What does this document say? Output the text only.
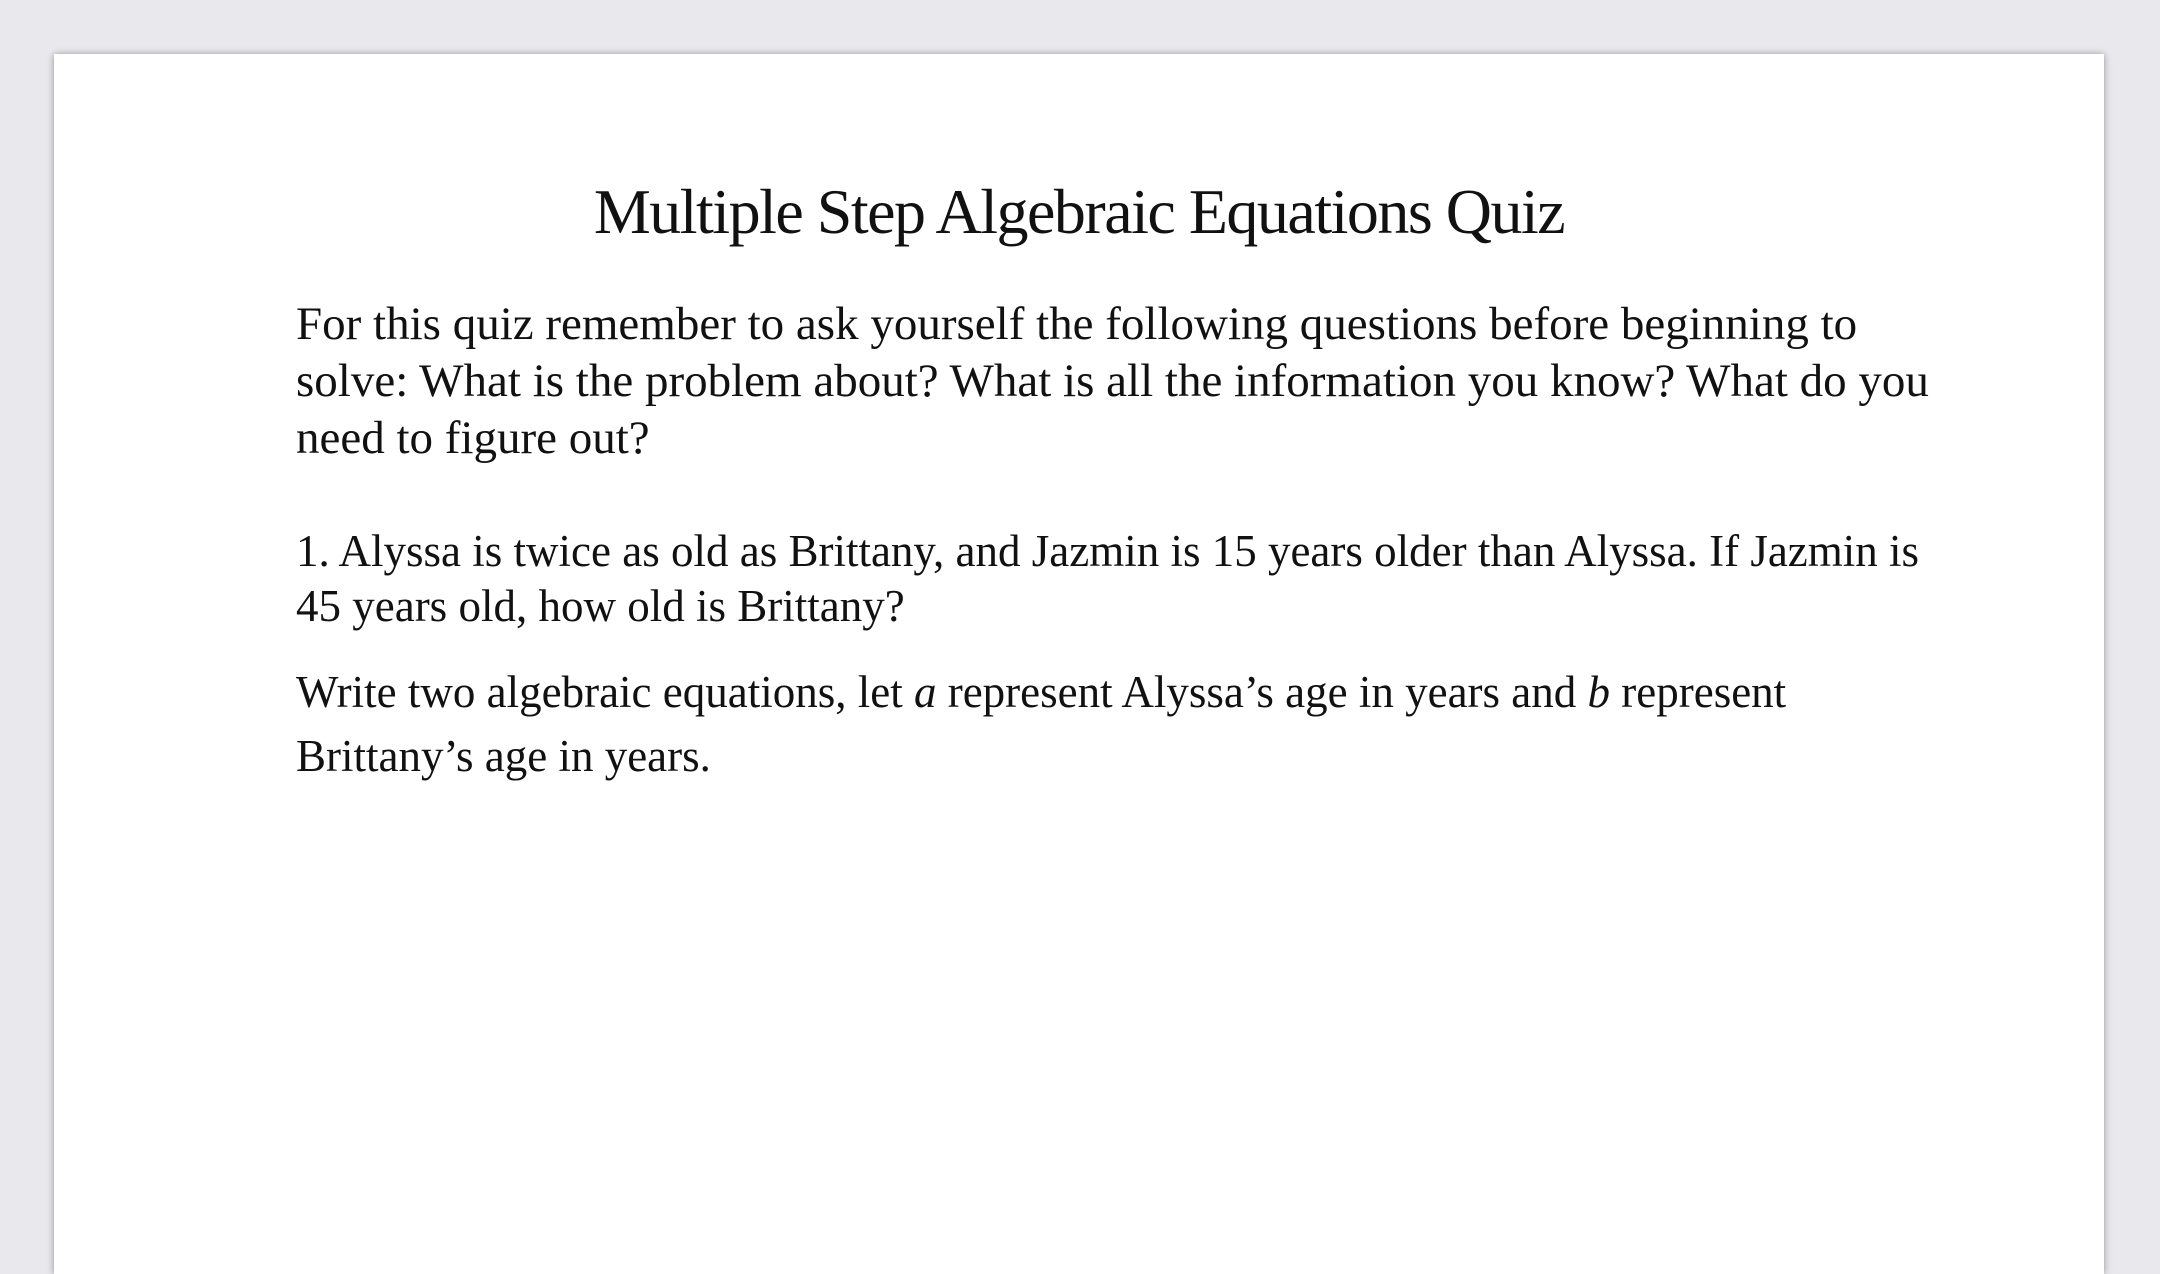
Multiple Step Algebraic Equations Quiz

For this quiz remember to ask yourself the following questions before beginning to solve: What is the problem about? What is all the information you know? What do you need to figure out?

1. Alyssa is twice as old as Brittany, and Jazmin is 15 years older than Alyssa. If Jazmin is 45 years old, how old is Brittany?

Write two algebraic equations, let a represent Alyssa’s age in years and b represent Brittany’s age in years.
